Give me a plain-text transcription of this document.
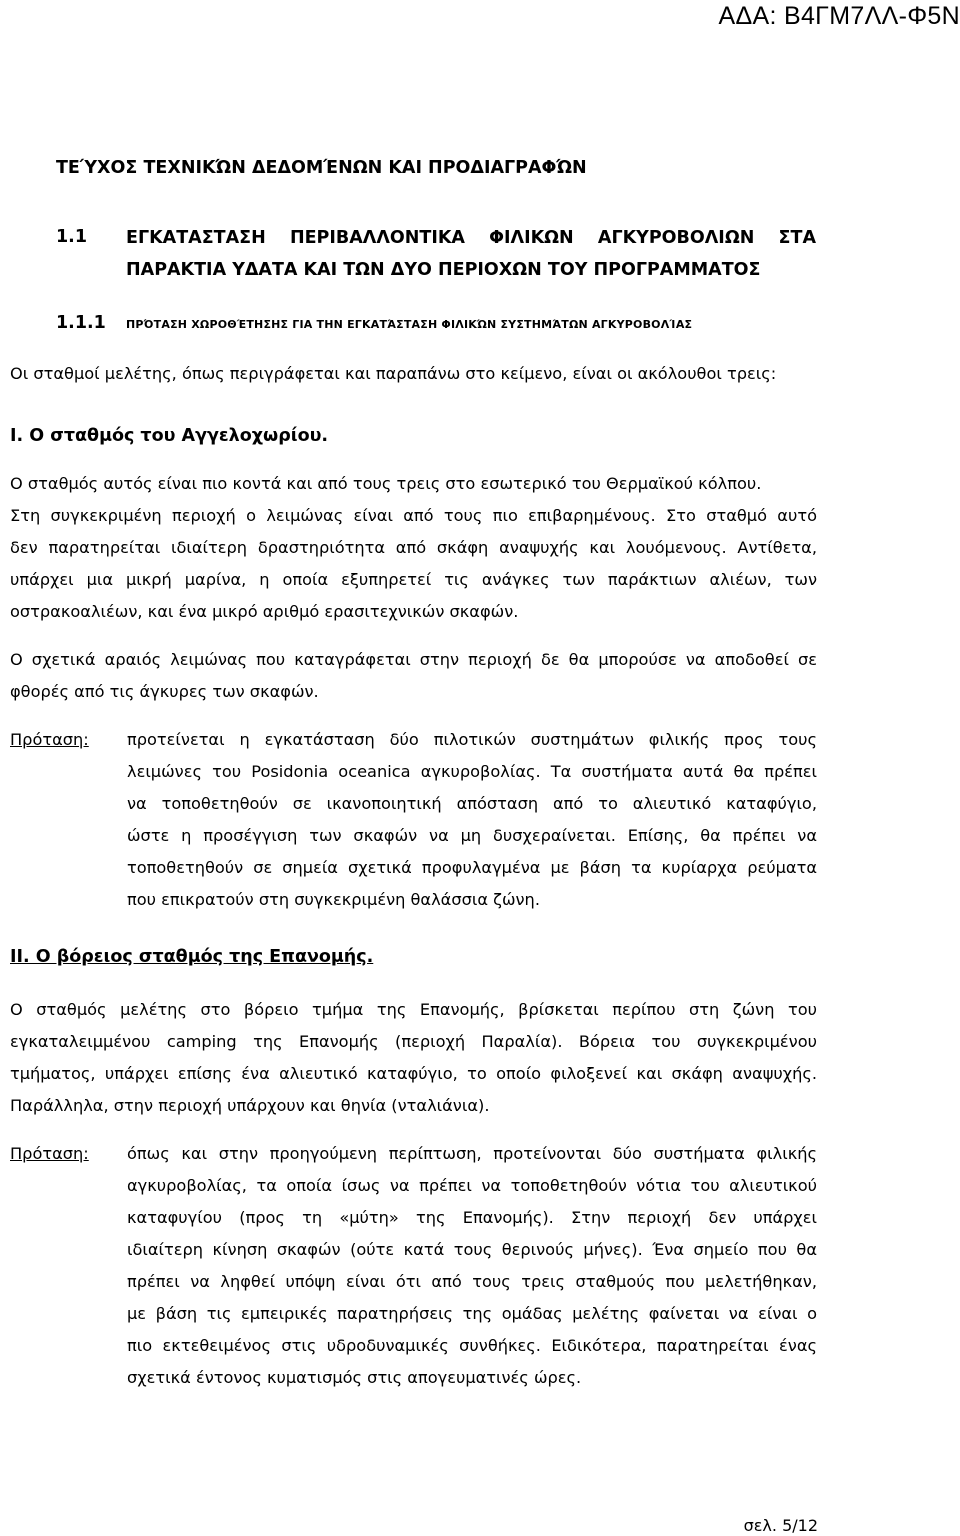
ΑΔΑ: Β4ΓΜ7ΛΛ-Φ5Ν
ΤΕΎΧΟΣ ΤΕΧΝΙΚΏΝ ΔΕΔΟΜΈΝΩΝ ΚΑΙ ΠΡΟΔΙΑΓΡΑΦΏΝ
1.1 ΕΓΚΑΤΑΣΤΑΣΗ ΠΕΡΙΒΑΛΛΟΝΤΙΚΑ ΦΙΛΙΚΩΝ ΑΓΚΥΡΟΒΟΛΙΩΝ ΣΤΑ
ΠΑΡΑΚΤΙΑ ΥΔΑΤΑ ΚΑΙ ΤΩΝ ΔΥΟ ΠΕΡΙΟΧΩΝ ΤΟΥ ΠΡΟΓΡΑΜΜΑΤΟΣ
1.1.1 ΠΡΌΤΑΣΗ ΧΩΡΟΘΈΤΗΣΗΣ ΓΙΑ ΤΗΝ ΕΓΚΑΤΆΣΤΑΣΗ ΦΙΛΙΚΏΝ ΣΥΣΤΗΜΆΤΩΝ ΑΓΚΥΡΟΒΟΛΊΑΣ
Οι σταθμοί μελέτης, όπως περιγράφεται και παραπάνω στο κείμενο, είναι οι ακόλουθοι τρεις:
I. Ο σταθμός του Αγγελοχωρίου.
Ο σταθμός αυτός είναι πιο κοντά και από τους τρεις στο εσωτερικό του Θερμαϊκού κόλπου.
Στη συγκεκριμένη περιοχή ο λειμώνας είναι από τους πιο επιβαρημένους. Στο σταθμό αυτό
δεν παρατηρείται ιδιαίτερη δραστηριότητα από σκάφη αναψυχής και λουόμενους. Αντίθετα,
υπάρχει μια μικρή μαρίνα, η οποία εξυπηρετεί τις ανάγκες των παράκτιων αλιέων, των
οστρακοαλιέων, και ένα μικρό αριθμό ερασιτεχνικών σκαφών.
Ο σχετικά αραιός λειμώνας που καταγράφεται στην περιοχή δε θα μπορούσε να αποδοθεί σε
φθορές από τις άγκυρες των σκαφών.
Πρόταση: προτείνεται η εγκατάσταση δύο πιλοτικών συστημάτων φιλικής προς τους
λειμώνες του Posidonia oceanica αγκυροβολίας. Τα συστήματα αυτά θα πρέπει
να τοποθετηθούν σε ικανοποιητική απόσταση από το αλιευτικό καταφύγιο,
ώστε η προσέγγιση των σκαφών να μη δυσχεραίνεται. Επίσης, θα πρέπει να
τοποθετηθούν σε σημεία σχετικά προφυλαγμένα με βάση τα κυρίαρχα ρεύματα
που επικρατούν στη συγκεκριμένη θαλάσσια ζώνη.
II. Ο βόρειος σταθμός της Επανομής.
Ο σταθμός μελέτης στο βόρειο τμήμα της Επανομής, βρίσκεται περίπου στη ζώνη του
εγκαταλειμμένου camping της Επανομής (περιοχή Παραλία). Βόρεια του συγκεκριμένου
τμήματος, υπάρχει επίσης ένα αλιευτικό καταφύγιο, το οποίο φιλοξενεί και σκάφη αναψυχής.
Παράλληλα, στην περιοχή υπάρχουν και θηνία (νταλιάνια).
Πρόταση: όπως και στην προηγούμενη περίπτωση, προτείνονται δύο συστήματα φιλικής
αγκυροβολίας, τα οποία ίσως να πρέπει να τοποθετηθούν νότια του αλιευτικού
καταφυγίου (προς τη «μύτη» της Επανομής). Στην περιοχή δεν υπάρχει
ιδιαίτερη κίνηση σκαφών (ούτε κατά τους θερινούς μήνες). Ένα σημείο που θα
πρέπει να ληφθεί υπόψη είναι ότι από τους τρεις σταθμούς που μελετήθηκαν,
με βάση τις εμπειρικές παρατηρήσεις της ομάδας μελέτης φαίνεται να είναι ο
πιο εκτεθειμένος στις υδροδυναμικές συνθήκες. Ειδικότερα, παρατηρείται ένας
σχετικά έντονος κυματισμός στις απογευματινές ώρες.
σελ. 5/12
